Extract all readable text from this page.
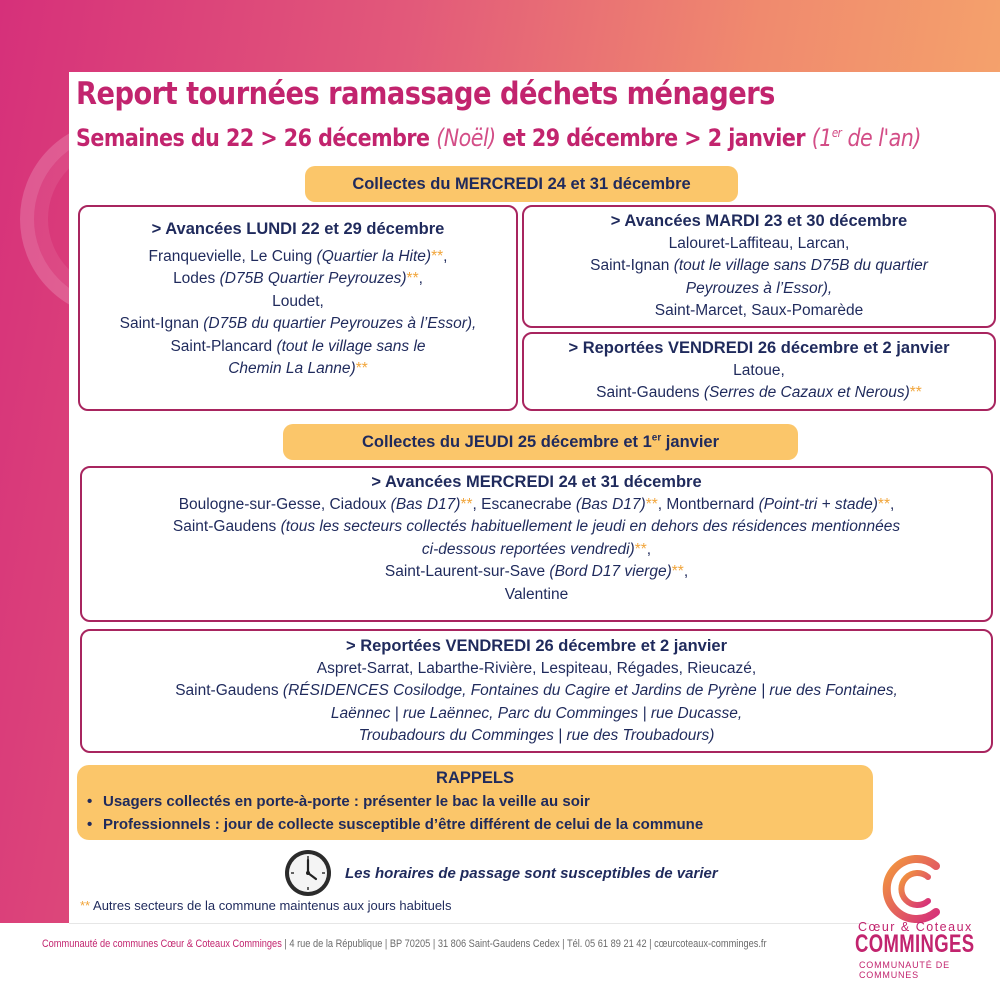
Report tournées ramassage déchets ménagers
Semaines du 22 > 26 décembre (Noël) et 29 décembre > 2 janvier (1er de l'an)
Collectes du MERCREDI 24 et 31 décembre
> Avancées LUNDI 22 et 29 décembre
Franquevielle, Le Cuing (Quartier la Hite)**,
Lodes (D75B Quartier Peyrouzes)**,
Loudet,
Saint-Ignan (D75B du quartier Peyrouzes à l’Essor),
Saint-Plancard (tout le village sans le
Chemin La Lanne)**
> Avancées MARDI 23 et 30 décembre
Lalouret-Laffiteau, Larcan,
Saint-Ignan (tout le village sans D75B du quartier
Peyrouzes à l’Essor),
Saint-Marcet, Saux-Pomarède
> Reportées VENDREDI 26 décembre et 2 janvier
Latoue,
Saint-Gaudens (Serres de Cazaux et Nerous)**
Collectes du JEUDI 25 décembre et 1er janvier
> Avancées MERCREDI 24 et 31 décembre
Boulogne-sur-Gesse, Ciadoux (Bas D17)**, Escanecrabe (Bas D17)**, Montbernard (Point-tri + stade)**,
Saint-Gaudens (tous les secteurs collectés habituellement le jeudi en dehors des résidences mentionnées
ci-dessous reportées vendredi)**,
Saint-Laurent-sur-Save (Bord D17 vierge)**,
Valentine
> Reportées VENDREDI 26 décembre et 2 janvier
Aspret-Sarrat, Labarthe-Rivière, Lespiteau, Régades, Rieucazé,
Saint-Gaudens (RÉSIDENCES Cosilodge, Fontaines du Cagire et Jardins de Pyrène | rue des Fontaines,
Laënnec | rue Laënnec, Parc du Comminges | rue Ducasse,
Troubadours du Comminges | rue des Troubadours)
RAPPELS
• Usagers collectés en porte-à-porte : présenter le bac la veille au soir
• Professionnels : jour de collecte susceptible d’être différent de celui de la commune
Les horaires de passage sont susceptibles de varier
** Autres secteurs de la commune maintenus aux jours habituels
Communauté de communes Cœur & Coteaux Comminges | 4 rue de la République | BP 70205 | 31 806 Saint-Gaudens Cedex | Tél. 05 61 89 21 42 | cœurcoteaux-comminges.fr
Cœur & Coteaux
COMMINGES
COMMUNAUTÉ DE COMMUNES
